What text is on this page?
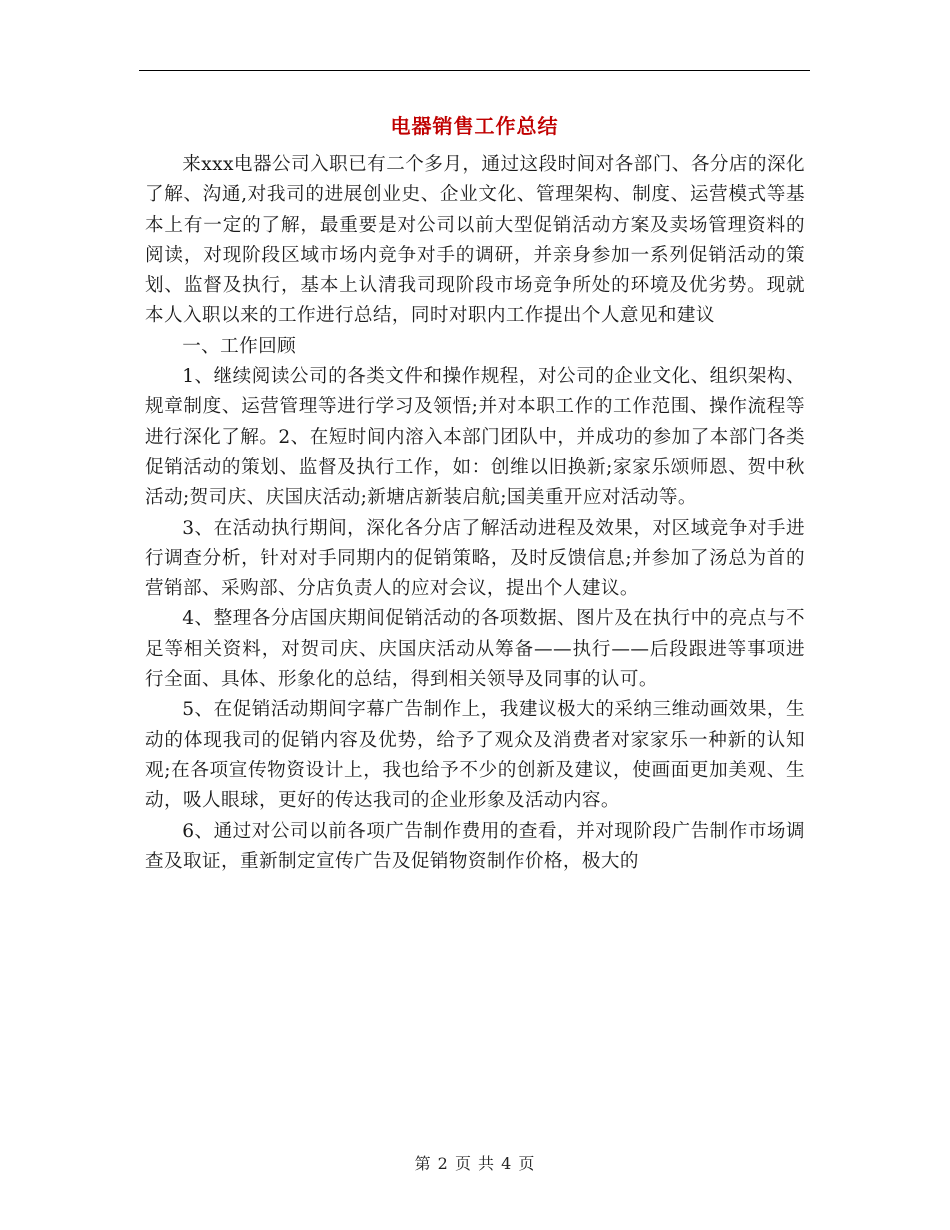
电器销售工作总结

来xxx电器公司入职已有二个多月，通过这段时间对各部门、各分店的深化了解、沟通,对我司的进展创业史、企业文化、管理架构、制度、运营模式等基本上有一定的了解，最重要是对公司以前大型促销活动方案及卖场管理资料的阅读，对现阶段区域市场内竞争对手的调研，并亲身参加一系列促销活动的策划、监督及执行，基本上认清我司现阶段市场竞争所处的环境及优劣势。现就本人入职以来的工作进行总结，同时对职内工作提出个人意见和建议

一、工作回顾

1、继续阅读公司的各类文件和操作规程，对公司的企业文化、组织架构、规章制度、运营管理等进行学习及领悟;并对本职工作的工作范围、操作流程等进行深化了解。2、在短时间内溶入本部门团队中，并成功的参加了本部门各类促销活动的策划、监督及执行工作，如：创维以旧换新;家家乐颂师恩、贺中秋活动;贺司庆、庆国庆活动;新塘店新装启航;国美重开应对活动等。

3、在活动执行期间，深化各分店了解活动进程及效果，对区域竞争对手进行调查分析，针对对手同期内的促销策略，及时反馈信息;并参加了汤总为首的营销部、采购部、分店负责人的应对会议，提出个人建议。

4、整理各分店国庆期间促销活动的各项数据、图片及在执行中的亮点与不足等相关资料，对贺司庆、庆国庆活动从筹备——执行——后段跟进等事项进行全面、具体、形象化的总结，得到相关领导及同事的认可。

5、在促销活动期间字幕广告制作上，我建议极大的采纳三维动画效果，生动的体现我司的促销内容及优势，给予了观众及消费者对家家乐一种新的认知观;在各项宣传物资设计上，我也给予不少的创新及建议，使画面更加美观、生动，吸人眼球，更好的传达我司的企业形象及活动内容。

6、通过对公司以前各项广告制作费用的查看，并对现阶段广告制作市场调查及取证，重新制定宣传广告及促销物资制作价格，极大的

第 2 页 共 4 页
